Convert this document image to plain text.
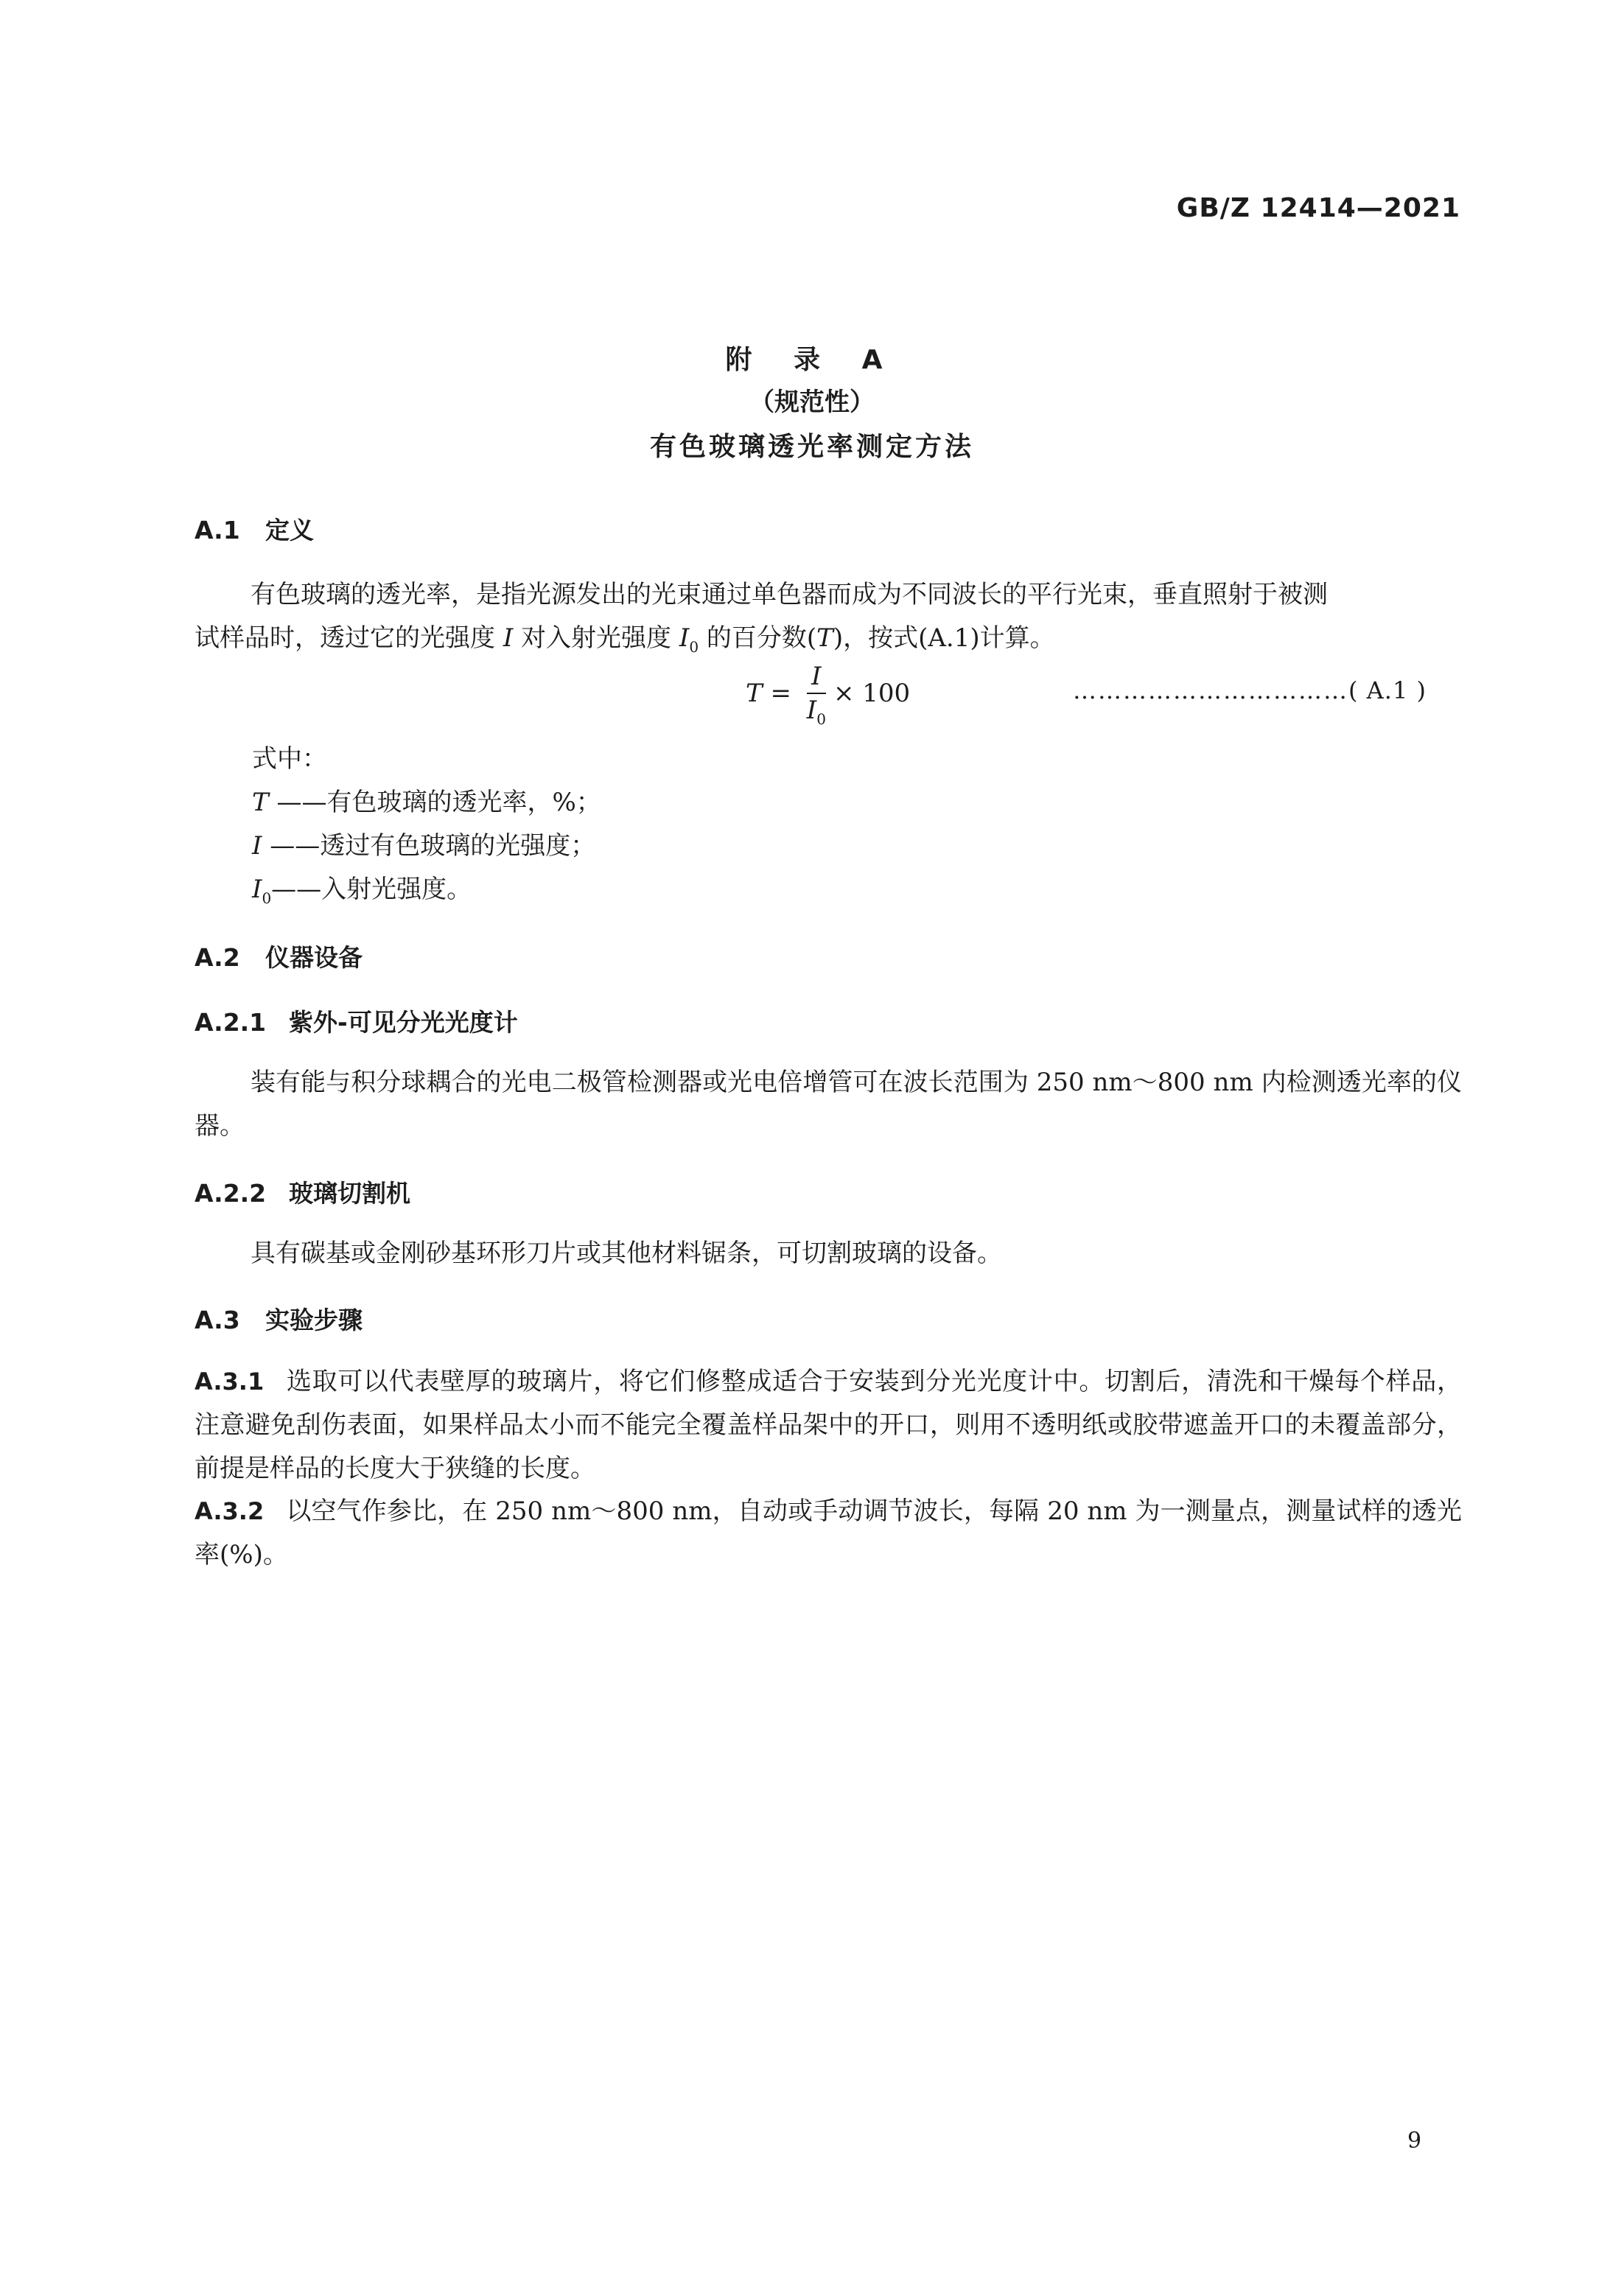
GB/Z 12414—2021
附 录 A
（规范性）
有色玻璃透光率测定方法
A.1 定义
有色玻璃的透光率，是指光源发出的光束通过单色器而成为不同波长的平行光束，垂直照射于被测
试样品时，透过它的光强度 I 对入射光强度 $I_0$ 的百分数(T)，按式(A.1)计算。
$T = \frac{I}{I_0} \times 100$	……………………………( A.1 )
式中：
T ——有色玻璃的透光率，%；
I ——透过有色玻璃的光强度；
$I_0——$入射光强度。
A.2 仪器设备
A.2.1 紫外-可见分光光度计
装有能与积分球耦合的光电二极管检测器或光电倍增管可在波长范围为 250 nm～800 nm 内检测透光率的仪器。
A.2.2 玻璃切割机
具有碳基或金刚砂基环形刀片或其他材料锯条，可切割玻璃的设备。
A.3 实验步骤
A.3.1 选取可以代表壁厚的玻璃片，将它们修整成适合于安装到分光光度计中。切割后，清洗和干燥每个样品，注意避免刮伤表面，如果样品太小而不能完全覆盖样品架中的开口，则用不透明纸或胶带遮盖开口的未覆盖部分，前提是样品的长度大于狭缝的长度。
A.3.2 以空气作参比，在 250 nm～800 nm，自动或手动调节波长，每隔 20 nm 为一测量点，测量试样的透光率(%)。
9
